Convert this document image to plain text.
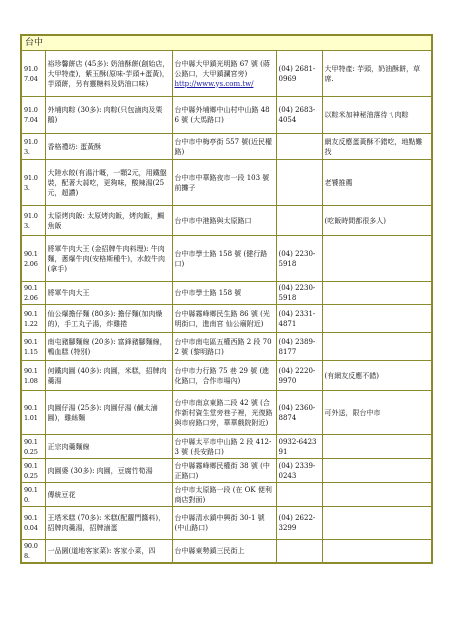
台中				
91.07.04	裕珍馨餅店 (45多): 奶油酥餅(創始店，大甲特產)，紫玉酥(原味-芋頭+蛋黃)，芋頭餅，另有靈糖料及奶油口味)	台中縣大甲鎮光明路 67 號 (蔣公路口，大甲鎮瀾宮旁)
http://www.ys.com.tw/	(04) 2681-0969	大甲特產: 芋頭，奶油酥餅，草席.
91.07.04	外埔肉粽 (30多): 肉粽(只包滷肉及栗鵝)	台中縣外埔鄉中山村中山路 486 號 (大馬路口)	(04) 2683-4054	以粽米加神秘油落待ㄟ肉粽
91.03.	香格禮坊: 蛋黃酥	台中市中梅亭街 557 號(近民權路)		網友反應蛋黃酥不錯吃，地點難找
91.03.	大陸水餃(有湯汁嘅，一顆2元，用鐵盤裝，配著大蒜吃，更夠味，酸辣湯(25元，超讚)	台中市中華路夜市一段 103 號前攤子		老饕推薦
91.03.	太原烤肉飯: 太原烤肉飯，烤肉飯，鯛魚飯	台中市中港路與太原路口		(吃飯時間都很多人)
90.12.06	將軍牛肉大王 (金招牌牛肉料理): 牛肉麵，蔥爆牛肉(安格斯種牛)，水餃牛肉(拿手)	台中市學士路 158 號 (健行路口)	(04) 2230-5918	
90.12.06	將軍牛肉大王	台中市學士路 158 號	(04) 2230-5918	
90.11.22	仙公爆擔仔麵 (80多): 擔仔麵(加肉燥的)，手工丸子湯，炸雞捲	台中縣霧峰鄉民生路 86 號 (光明街口，進南宮 仙公廟附近)	(04) 2331-4871	
90.11.15	南屯豬腳麵線 (20多): 富鋒豬腳麵線，鴨血糕 (特別)	台中市南屯區五權西路 2 段 702 號 (黎明路口)	(04) 2389-8177	
90.11.08	何鐵肉圓 (40多): 肉圓，米糕，招牌肉羹湯	台中市力行路 75 巷 29 號 (進化路口，合作市場內)	(04) 2220-9970	(有網友反應不錯)
90.11.01	肉圓仔湯 (25多): 肉圓仔湯 (鹹太滷圓)，雞絲麵	台中市南京東路二段 42 號 (合作新村資生堂旁巷子裡，光復路與市府路口旁，華華戲院附近)	(04) 2360-8874	可外送，限台中市
90.10.25	正宗肉羹麵線	台中縣太平市中山路 2 段 412-3 號 (長安路口)	0932-642391	
90.10.25	肉圓婆 (30多): 肉圓，豆腐竹筍湯	台中縣霧峰鄉民權街 38 號 (中正路口)	(04) 2339-0243	
90.10.	傳統豆花	台中市太原路一段 (在 OK 便利商店對面)		
90.10.04	王塔米糕 (70多): 米糕(配蘿門醬料)，招牌肉羹湯，招牌滷蛋	台中縣清水鎮中興街 30-1 號 (中山路口)	(04) 2622-3299	
90.08.	一品園(道地客家菜): 客家小菜，四	台中縣東勢鎮三民街上		
